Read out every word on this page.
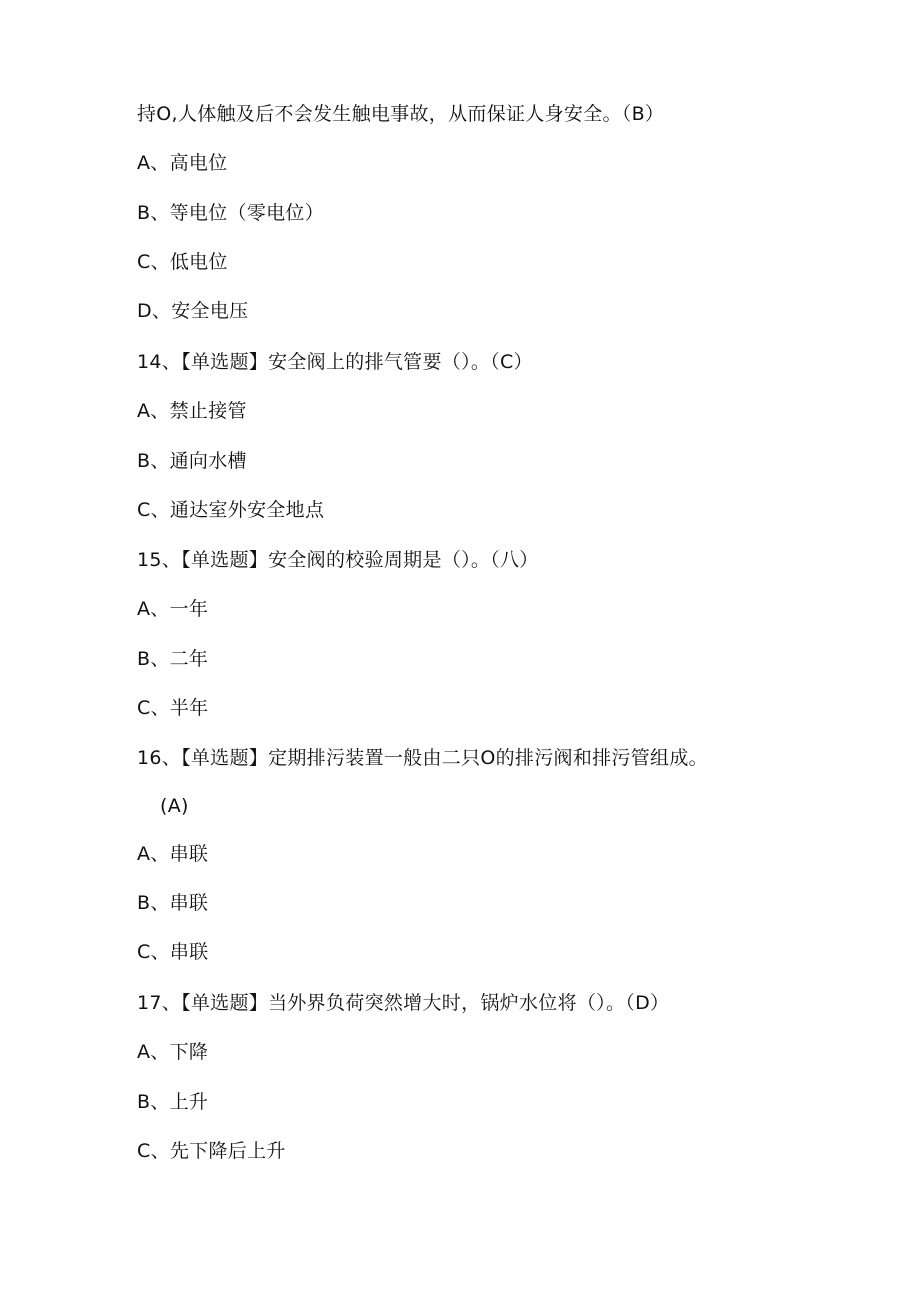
持O,人体触及后不会发生触电事故，从而保证人身安全。（B）
A、高电位
B、等电位（零电位）
C、低电位
D、安全电压
14、【单选题】安全阀上的排气管要（）。（C）
A、禁止接管
B、通向水槽
C、通达室外安全地点
15、【单选题】安全阀的校验周期是（）。（八）
A、一年
B、二年
C、半年
16、【单选题】定期排污装置一般由二只O的排污阀和排污管组成。
(A)
A、串联
B、串联
C、串联
17、【单选题】当外界负荷突然增大时，锅炉水位将（）。（D）
A、下降
B、上升
C、先下降后上升
